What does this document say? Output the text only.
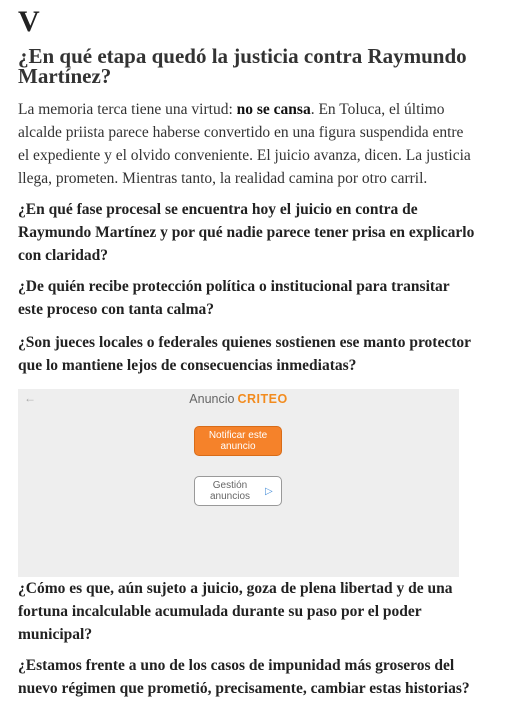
V
¿En qué etapa quedó la justicia contra Raymundo Martínez?

La memoria terca tiene una virtud: no se cansa. En Toluca, el último alcalde priista parece haberse convertido en una figura suspendida entre el expediente y el olvido conveniente. El juicio avanza, dicen. La justicia llega, prometen. Mientras tanto, la realidad camina por otro carril.

¿En qué fase procesal se encuentra hoy el juicio en contra de Raymundo Martínez y por qué nadie parece tener prisa en explicarlo con claridad?

¿De quién recibe protección política o institucional para transitar este proceso con tanta calma?

¿Son jueces locales o federales quienes sostienen ese manto protector que lo mantiene lejos de consecuencias inmediatas?

←	Anuncio CRITEO
Notificar este anuncio
Gestión anuncios	▷

¿Cómo es que, aún sujeto a juicio, goza de plena libertad y de una fortuna incalculable acumulada durante su paso por el poder municipal?

¿Estamos frente a uno de los casos de impunidad más groseros del nuevo régimen que prometió, precisamente, cambiar estas historias?
